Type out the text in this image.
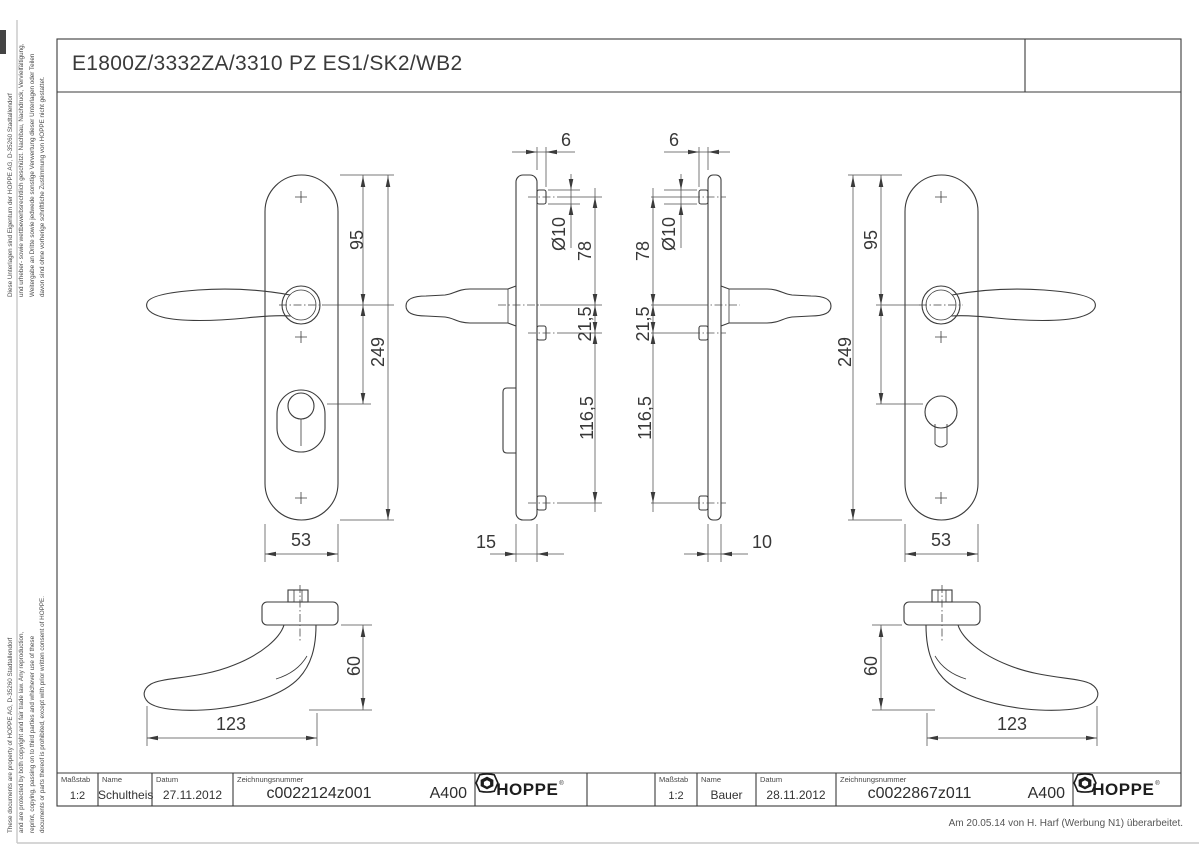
95
249
53
6
Ø10 78
21,5
116,5
15
6
Ø10
78
21,5
116,5
10
95
249
53
60
123
60
123
E1800Z/3332ZA/3310 PZ ES1/SK2/WB2
Diese Unterlagen sind Eigentum der HOPPE AG, D-35260 Stadtallendorf und urheber- sowie wettbewerbsrechtlich geschützt. Nachbau, Nachdruck, Vervielfältigung, Weitergabe an Dritte sowie jedwede sonstige Verwertung dieser Unterlagen oder Teilen davon sind ohne vorherige schriftliche Zustimmung von HOPPE nicht gestattet.
These documents are property of HOPPE AG, D-35260 Stadtallendorf and are protected by both copyright and fair trade law. Any reproduction, reprint, copying, passing on to third parties and whichever use of these documents or parts thereof is prohibited, except with prior written consent of HOPPE.	Maßstab
1:2
Name
Schultheis
Datum
27.11.2012
Zeichnungsnummer
c0022124z001	A400 HOPPE ®	Maßstab
1:2
Name
Bauer
Datum
28.11.2012
Zeichnungsnummer
c0022867z011	A400 HOPPE ®
Am 20.05.14 von H. Harf (Werbung N1) überarbeitet.
